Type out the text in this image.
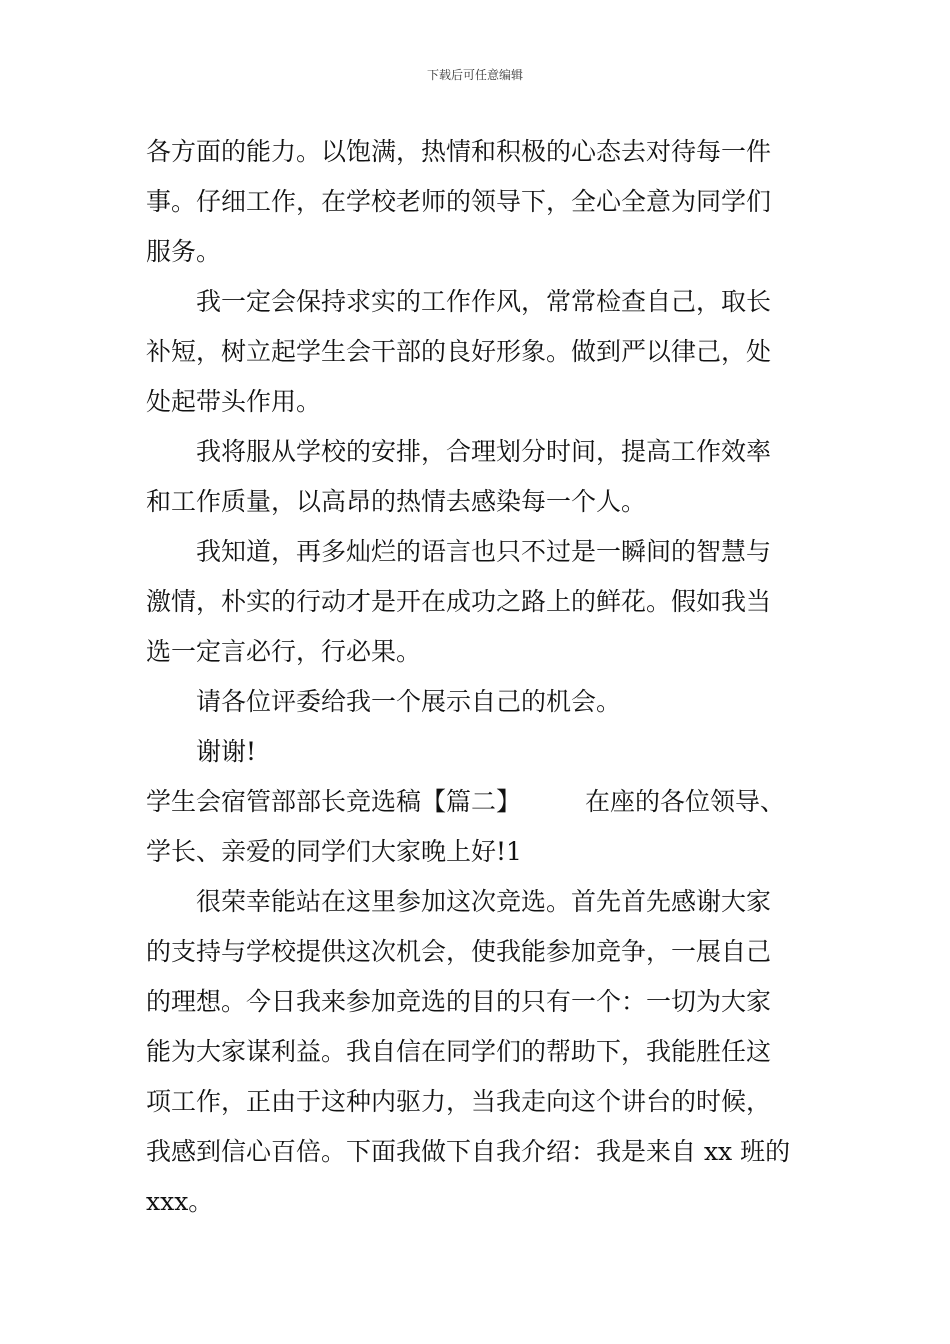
下载后可任意编辑
各方面的能力。以饱满，热情和积极的心态去对待每一件
事。仔细工作，在学校老师的领导下，全心全意为同学们
服务。
我一定会保持求实的工作作风，常常检查自己，取长
补短，树立起学生会干部的良好形象。做到严以律己，处
处起带头作用。
我将服从学校的安排，合理划分时间，提高工作效率
和工作质量，以高昂的热情去感染每一个人。
我知道，再多灿烂的语言也只不过是一瞬间的智慧与
激情，朴实的行动才是开在成功之路上的鲜花。假如我当
选一定言必行，行必果。
请各位评委给我一个展示自己的机会。
谢谢!
学生会宿管部部长竞选稿【篇二】	在座的各位领导、
学长、亲爱的同学们大家晚上好!1
很荣幸能站在这里参加这次竞选。首先首先感谢大家
的支持与学校提供这次机会，使我能参加竞争，一展自己
的理想。今日我来参加竞选的目的只有一个：一切为大家
能为大家谋利益。我自信在同学们的帮助下，我能胜任这
项工作，正由于这种内驱力，当我走向这个讲台的时候，
我感到信心百倍。下面我做下自我介绍：我是来自 xx 班的
xxx。
